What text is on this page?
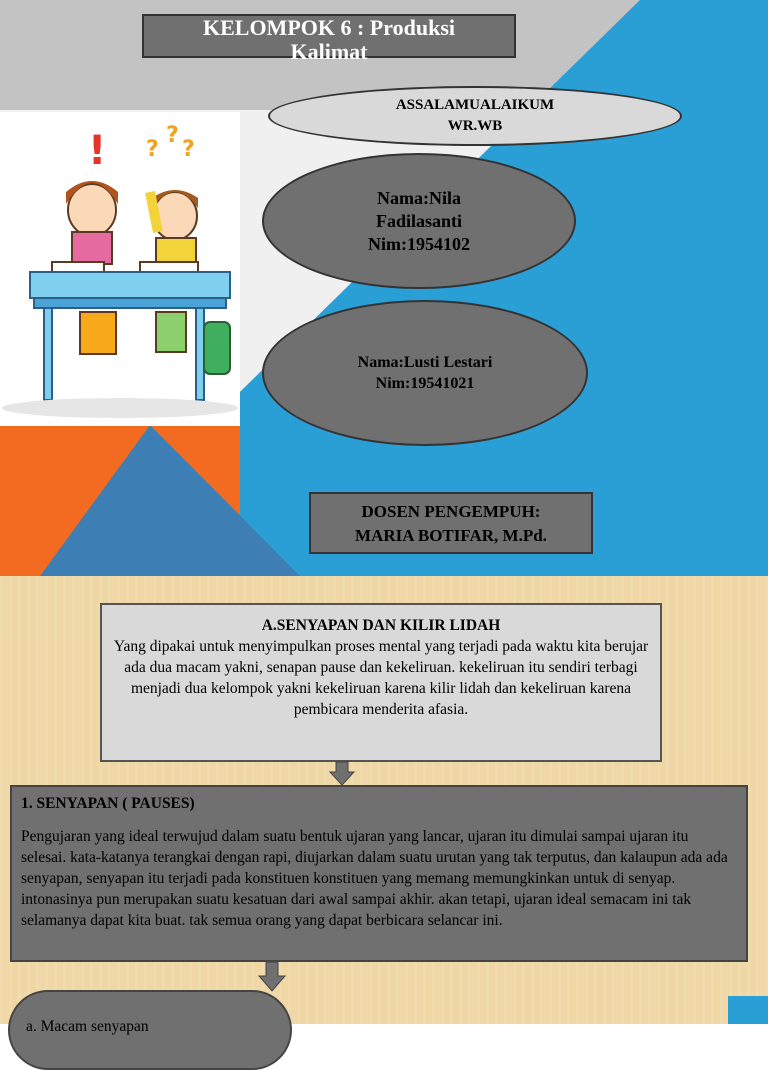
KELOMPOK 6 : Produksi
Kalimat
! ?
?
?
ASSALAMUALAIKUM
WR.WB
Nama:Nila
Fadilasanti
Nim:1954102
Nama:Lusti Lestari
Nim:19541021
DOSEN PENGEMPUH:
MARIA BOTIFAR, M.Pd.
A.SENYAPAN DAN KILIR LIDAH
Yang dipakai untuk menyimpulkan proses mental yang terjadi pada waktu kita berujar ada dua macam yakni, senapan pause dan kekeliruan. kekeliruan itu sendiri terbagi menjadi dua kelompok yakni kekeliruan karena kilir lidah dan kekeliruan karena pembicara menderita afasia.
1. SENYAPAN ( PAUSES)
Pengujaran yang ideal terwujud dalam suatu bentuk ujaran yang lancar, ujaran itu dimulai sampai ujaran itu selesai. kata-katanya terangkai dengan rapi, diujarkan dalam suatu urutan yang tak terputus, dan kalaupun ada ada senyapan, senyapan itu terjadi pada konstituen konstituen yang memang memungkinkan untuk di senyap. intonasinya pun merupakan suatu kesatuan dari awal sampai akhir. akan tetapi, ujaran ideal semacam ini tak selamanya dapat kita buat. tak semua orang yang dapat berbicara selancar ini.
a. Macam senyapan
